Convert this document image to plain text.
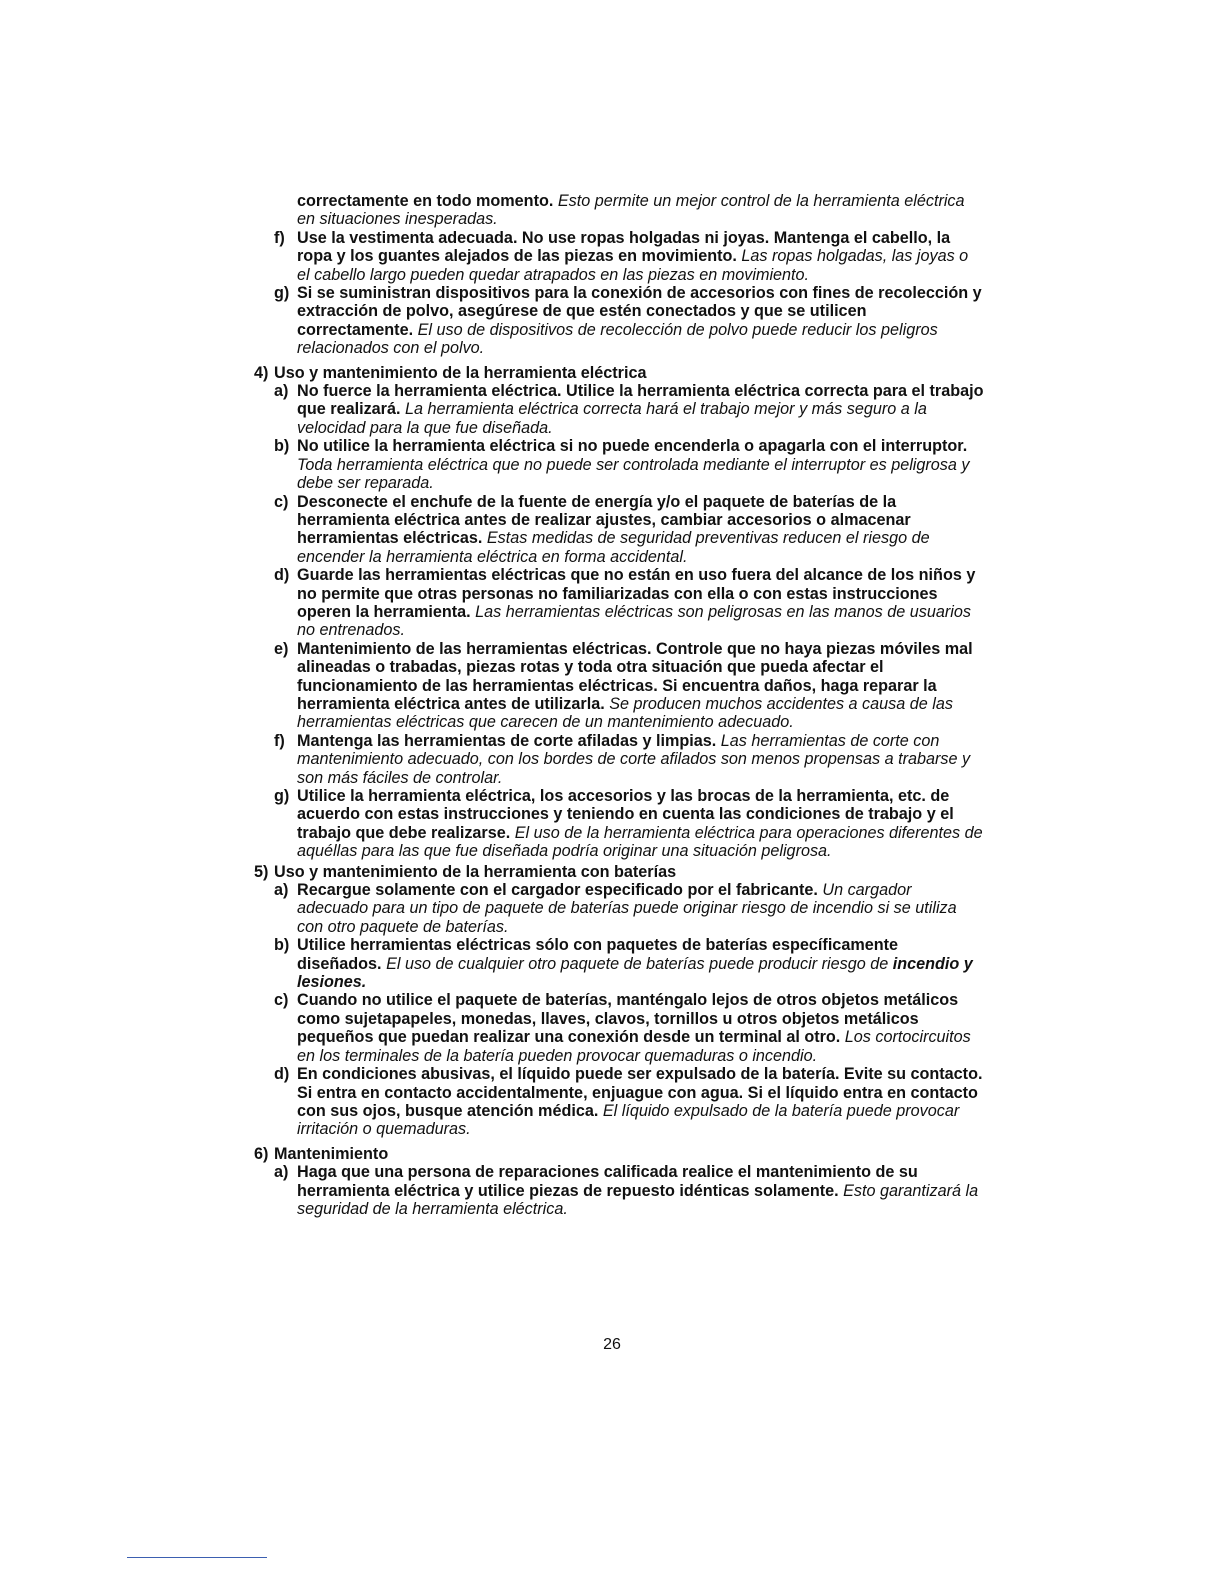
correctamente en todo momento. Esto permite un mejor control de la herramienta eléctrica en situaciones inesperadas.
f) Use la vestimenta adecuada. No use ropas holgadas ni joyas. Mantenga el cabello, la ropa y los guantes alejados de las piezas en movimiento. Las ropas holgadas, las joyas o el cabello largo pueden quedar atrapados en las piezas en movimiento.
g) Si se suministran dispositivos para la conexión de accesorios con fines de recolección y extracción de polvo, asegúrese de que estén conectados y que se utilicen correctamente. El uso de dispositivos de recolección de polvo puede reducir los peligros relacionados con el polvo.
4) Uso y mantenimiento de la herramienta eléctrica
a) No fuerce la herramienta eléctrica. Utilice la herramienta eléctrica correcta para el trabajo que realizará. La herramienta eléctrica correcta hará el trabajo mejor y más seguro a la velocidad para la que fue diseñada.
b) No utilice la herramienta eléctrica si no puede encenderla o apagarla con el interruptor. Toda herramienta eléctrica que no puede ser controlada mediante el interruptor es peligrosa y debe ser reparada.
c) Desconecte el enchufe de la fuente de energía y/o el paquete de baterías de la herramienta eléctrica antes de realizar ajustes, cambiar accesorios o almacenar herramientas eléctricas. Estas medidas de seguridad preventivas reducen el riesgo de encender la herramienta eléctrica en forma accidental.
d) Guarde las herramientas eléctricas que no están en uso fuera del alcance de los niños y no permite que otras personas no familiarizadas con ella o con estas instrucciones operen la herramienta. Las herramientas eléctricas son peligrosas en las manos de usuarios no entrenados.
e) Mantenimiento de las herramientas eléctricas. Controle que no haya piezas móviles mal alineadas o trabadas, piezas rotas y toda otra situación que pueda afectar el funcionamiento de las herramientas eléctricas. Si encuentra daños, haga reparar la herramienta eléctrica antes de utilizarla. Se producen muchos accidentes a causa de las herramientas eléctricas que carecen de un mantenimiento adecuado.
f) Mantenga las herramientas de corte afiladas y limpias. Las herramientas de corte con mantenimiento adecuado, con los bordes de corte afilados son menos propensas a trabarse y son más fáciles de controlar.
g) Utilice la herramienta eléctrica, los accesorios y las brocas de la herramienta, etc. de acuerdo con estas instrucciones y teniendo en cuenta las condiciones de trabajo y el trabajo que debe realizarse. El uso de la herramienta eléctrica para operaciones diferentes de aquéllas para las que fue diseñada podría originar una situación peligrosa.
5) Uso y mantenimiento de la herramienta con baterías
a) Recargue solamente con el cargador especificado por el fabricante. Un cargador adecuado para un tipo de paquete de baterías puede originar riesgo de incendio si se utiliza con otro paquete de baterías.
b) Utilice herramientas eléctricas sólo con paquetes de baterías específicamente diseñados. El uso de cualquier otro paquete de baterías puede producir riesgo de incendio y lesiones.
c) Cuando no utilice el paquete de baterías, manténgalo lejos de otros objetos metálicos como sujetapapeles, monedas, llaves, clavos, tornillos u otros objetos metálicos pequeños que puedan realizar una conexión desde un terminal al otro. Los cortocircuitos en los terminales de la batería pueden provocar quemaduras o incendio.
d) En condiciones abusivas, el líquido puede ser expulsado de la batería. Evite su contacto. Si entra en contacto accidentalmente, enjuague con agua. Si el líquido entra en contacto con sus ojos, busque atención médica. El líquido expulsado de la batería puede provocar irritación o quemaduras.
6) Mantenimiento
a) Haga que una persona de reparaciones calificada realice el mantenimiento de su herramienta eléctrica y utilice piezas de repuesto idénticas solamente. Esto garantizará la seguridad de la herramienta eléctrica.
26
